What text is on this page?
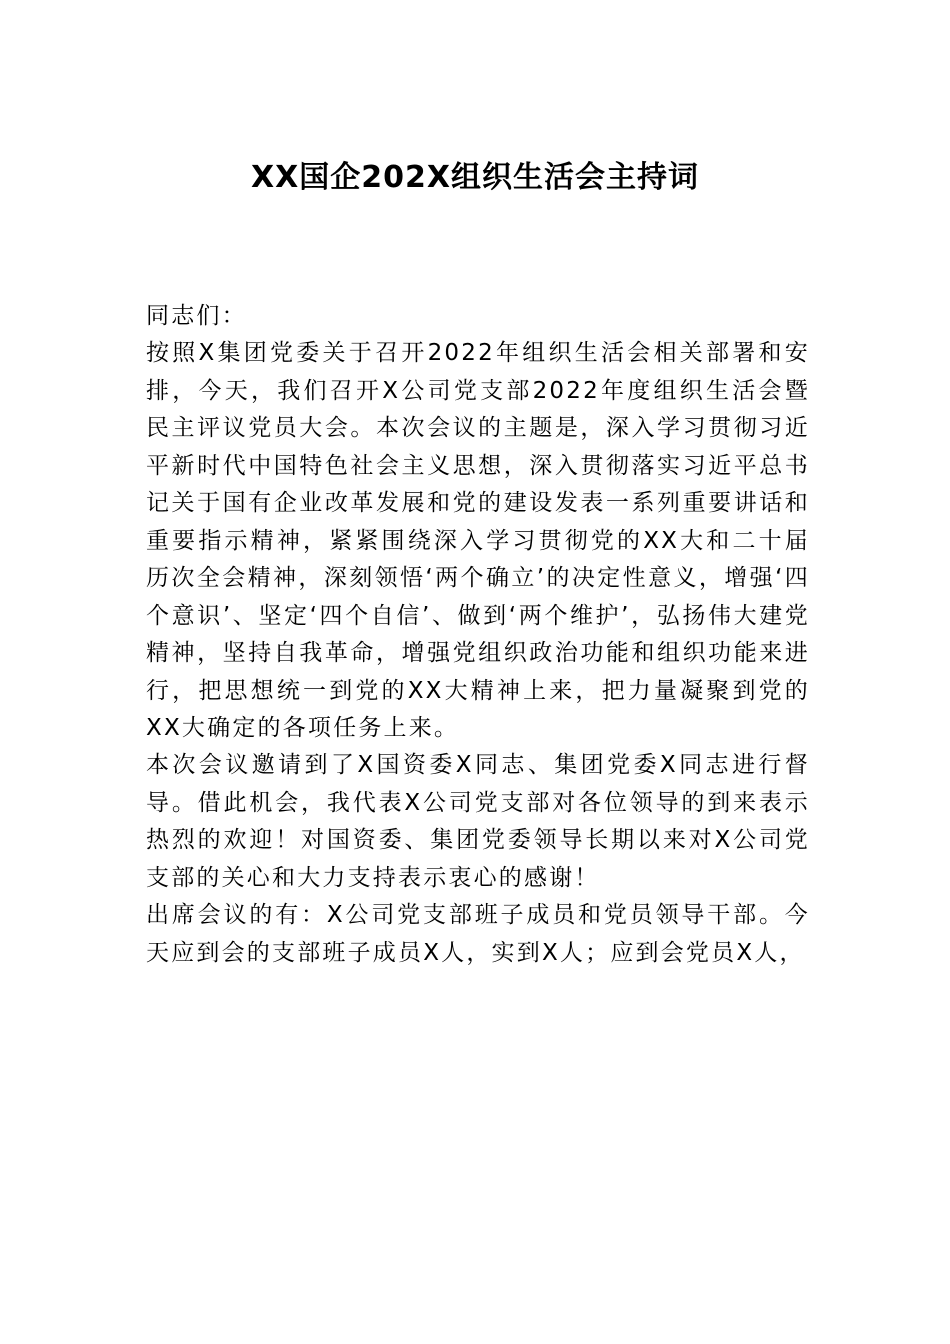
XX国企202X组织生活会主持词

同志们：

按照X集团党委关于召开2022年组织生活会相关部署和安排，今天，我们召开X公司党支部2022年度组织生活会暨民主评议党员大会。本次会议的主题是，深入学习贯彻习近平新时代中国特色社会主义思想，深入贯彻落实习近平总书记关于国有企业改革发展和党的建设发表一系列重要讲话和重要指示精神，紧紧围绕深入学习贯彻党的XX大和二十届历次全会精神，深刻领悟‘两个确立’的决定性意义，增强‘四个意识’、坚定‘四个自信’、做到‘两个维护’，弘扬伟大建党精神，坚持自我革命，增强党组织政治功能和组织功能来进行，把思想统一到党的XX大精神上来，把力量凝聚到党的XX大确定的各项任务上来。

本次会议邀请到了X国资委X同志、集团党委X同志进行督导。借此机会，我代表X公司党支部对各位领导的到来表示热烈的欢迎！对国资委、集团党委领导长期以来对X公司党支部的关心和大力支持表示衷心的感谢！

出席会议的有：X公司党支部班子成员和党员领导干部。今天应到会的支部班子成员X人，实到X人；应到会党员X人，
